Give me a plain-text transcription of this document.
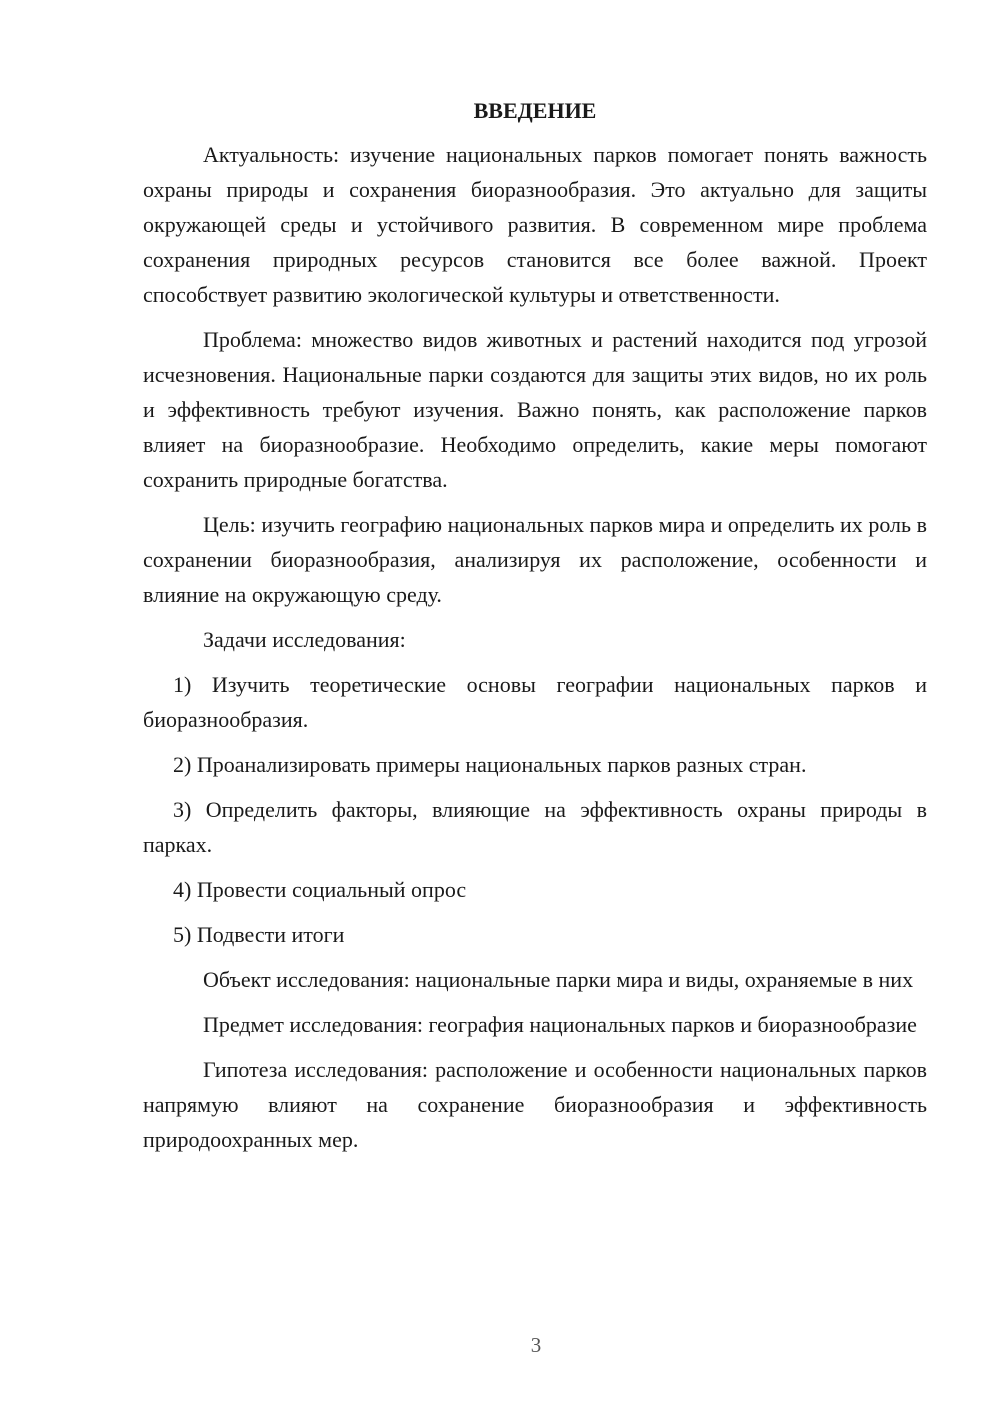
ВВЕДЕНИЕ

Актуальность: изучение национальных парков помогает понять важность охраны природы и сохранения биоразнообразия. Это актуально для защиты окружающей среды и устойчивого развития. В современном мире проблема сохранения природных ресурсов становится все более важной. Проект способствует развитию экологической культуры и ответственности.

Проблема: множество видов животных и растений находится под угрозой исчезновения. Национальные парки создаются для защиты этих видов, но их роль и эффективность требуют изучения. Важно понять, как расположение парков влияет на биоразнообразие. Необходимо определить, какие меры помогают сохранить природные богатства.

Цель: изучить географию национальных парков мира и определить их роль в сохранении биоразнообразия, анализируя их расположение, особенности и влияние на окружающую среду.

Задачи исследования:

1) Изучить теоретические основы географии национальных парков и биоразнообразия.

2) Проанализировать примеры национальных парков разных стран.

3) Определить факторы, влияющие на эффективность охраны природы в парках.

4) Провести социальный опрос

5) Подвести итоги

Объект исследования: национальные парки мира и виды, охраняемые в них

Предмет исследования: география национальных парков и биоразнообразие

Гипотеза исследования: расположение и особенности национальных парков напрямую влияют на сохранение биоразнообразия и эффективность природоохранных мер.

3
